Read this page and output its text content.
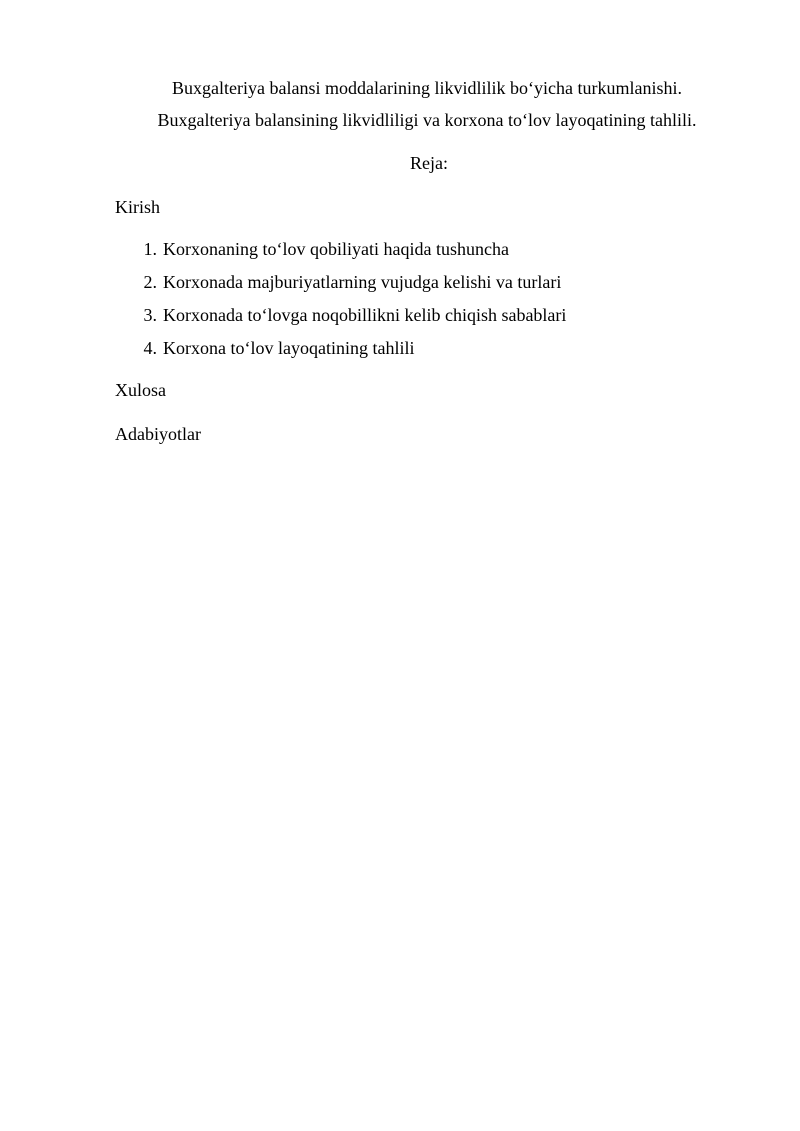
Buxgalteriya balansi moddalarining likvidlilik bo‘yicha turkumlanishi.
Buxgalteriya balansining likvidliligi va korxona to‘lov layoqatining tahlili.
Reja:
Kirish
1. Korxonaning to‘lov qobiliyati haqida tushuncha
2. Korxonada majburiyatlarning vujudga kelishi va turlari
3. Korxonada to‘lovga noqobillikni kelib chiqish sabablari
4. Korxona to‘lov layoqatining tahlili
Xulosa
Adabiyotlar
